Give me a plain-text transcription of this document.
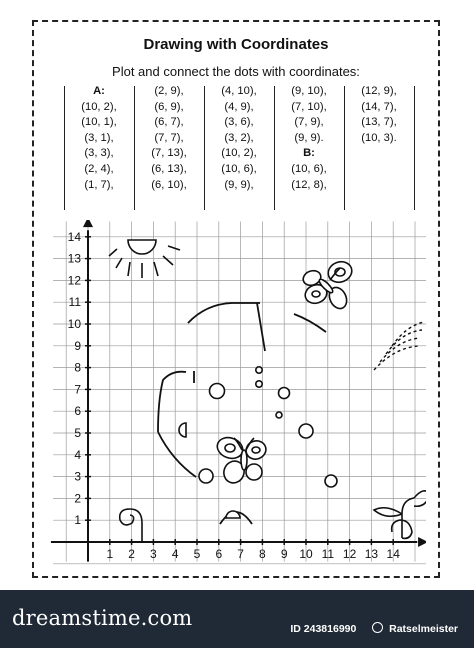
Drawing with Coordinates
Plot and connect the dots with coordinates:
A:
(10, 2),
(10, 1),
(3, 1),
(3, 3),
(2, 4),
(1, 7),
(2, 9),
(6, 9),
(6, 7),
(7, 7),
(7, 13),
(6, 13),
(6, 10),
(4, 10),
(4, 9),
(3, 6),
(3, 2),
(10, 2),
(10, 6),
(9, 9),
(9, 10),
(7, 10),
(7, 9),
(9, 9).
B:
(10, 6),
(12, 8),
(12, 9),
(14, 7),
(13, 7),
(10, 3).
1 2 3 4 5 6 7 8 9 10 11 12 13 14
1
2
3
4
5
6
7
8
9
10
11
12
13
14
dreamstime.com	ID 243816990	Ratselmeister
